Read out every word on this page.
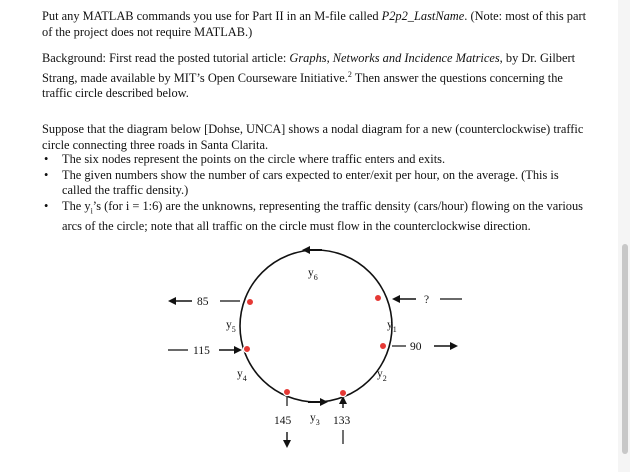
Put any MATLAB commands you use for Part II in an M-file called P2p2_LastName. (Note: most of this part of the project does not require MATLAB.)

Background: First read the posted tutorial article: Graphs, Networks and Incidence Matrices, by Dr. Gilbert Strang, made available by MIT’s Open Courseware Initiative.$^2$ Then answer the questions concerning the traffic circle described below.

Suppose that the diagram below [Dohse, UNCA] shows a nodal diagram for a new (counterclockwise) traffic circle connecting three roads in Santa Clarita.

• The six nodes represent the points on the circle where traffic enters and exits.
• The given numbers show the number of cars expected to enter/exit per hour, on the average. (This is called the traffic density.)
• The $y_i’s$ (for i = 1:6) are the unknowns, representing the traffic density (cars/hour) flowing on the various arcs of the circle; note that all traffic on the circle must flow in the counterclockwise direction.
85
115
?
90
145	133
$y_6$
$y_5$	$y_1$
$y_4$	$y_2$
$y_3$
